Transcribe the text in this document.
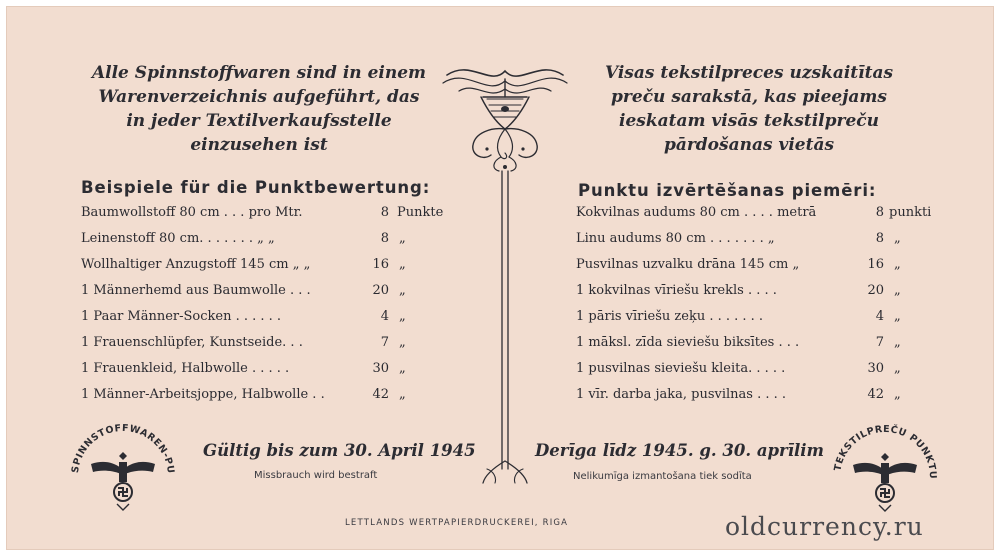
Alle Spinnstoffwaren sind in einem
Warenverzeichnis aufgeführt, das
in jeder Textilverkaufsstelle
einzusehen ist
Visas tekstilpreces uzskaitītas
preču sarakstā, kas pieejams
ieskatam visās tekstilpreču
pārdošanas vietās
Beispiele für die Punktbewertung:	Punktu izvērtēšanas piemēri:
Baumwollstoff 80 cm . . . pro Mtr.	8 Punkte
Leinenstoff 80 cm. . . . . . . „ „	8 „
Wollhaltiger Anzugstoff 145 cm „ „	16 „
1 Männerhemd aus Baumwolle . . .	20 „
1 Paar Männer-Socken . . . . . .	4 „
1 Frauenschlüpfer, Kunstseide. . .	7 „
1 Frauenkleid, Halbwolle . . . . .	30 „
1 Männer-Arbeitsjoppe, Halbwolle . .	42 „
Kokvilnas audums 80 cm . . . . metrā	8 punkti
Linu audums 80 cm . . . . . . . „	8 „
Pusvilnas uzvalku drāna 145 cm „	16 „
1 kokvilnas vīriešu krekls . . . .	20 „
1 pāris vīriešu zeķu . . . . . . .	4 „
1 māksl. zīda sieviešu biksītes . . .	7 „
1 pusvilnas sieviešu kleita. . . . .	30 „
1 vīr. darba jaka, pusvilnas . . . .	42 „
SPINNSTOFFWAREN-PU	TEKSTILPREČU PUNKTU
Gültig bis zum 30. April 1945	Derīga līdz 1945. g. 30. aprīlim
Missbrauch wird bestraft	Nelikumīga izmantošana tiek sodīta
LETTLANDS WERTPAPIERDRUCKEREI, RIGA	oldcurrency.ru
